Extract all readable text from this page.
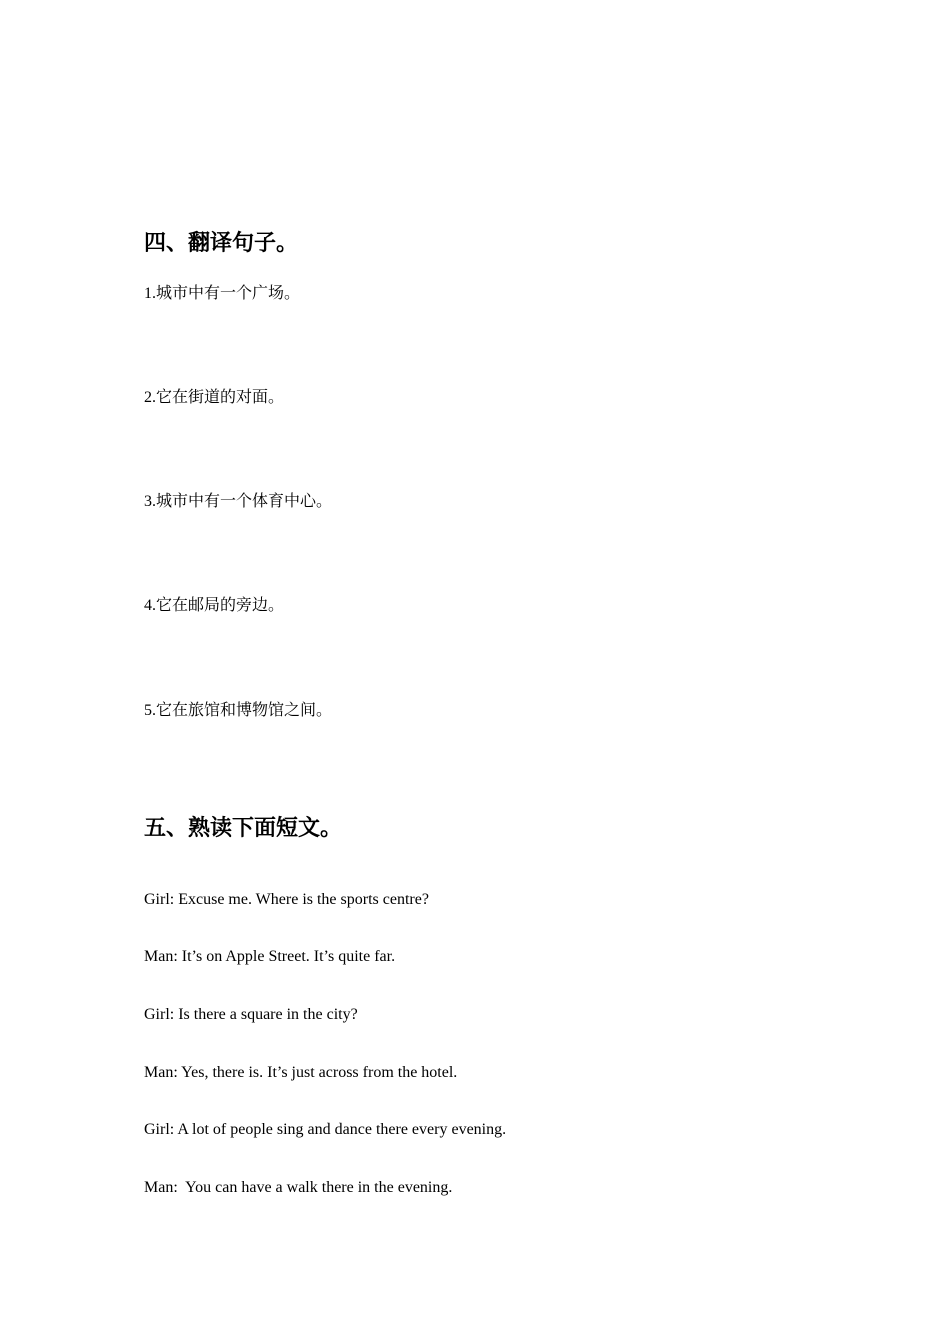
四、翻译句子。

1.城市中有一个广场。

2.它在街道的对面。

3.城市中有一个体育中心。

4.它在邮局的旁边。

5.它在旅馆和博物馆之间。

五、熟读下面短文。

Girl: Excuse me. Where is the sports centre?

Man: It’s on Apple Street. It’s quite far.

Girl: Is there a square in the city?

Man: Yes, there is. It’s just across from the hotel.

Girl: A lot of people sing and dance there every evening.

Man:  You can have a walk there in the evening.
